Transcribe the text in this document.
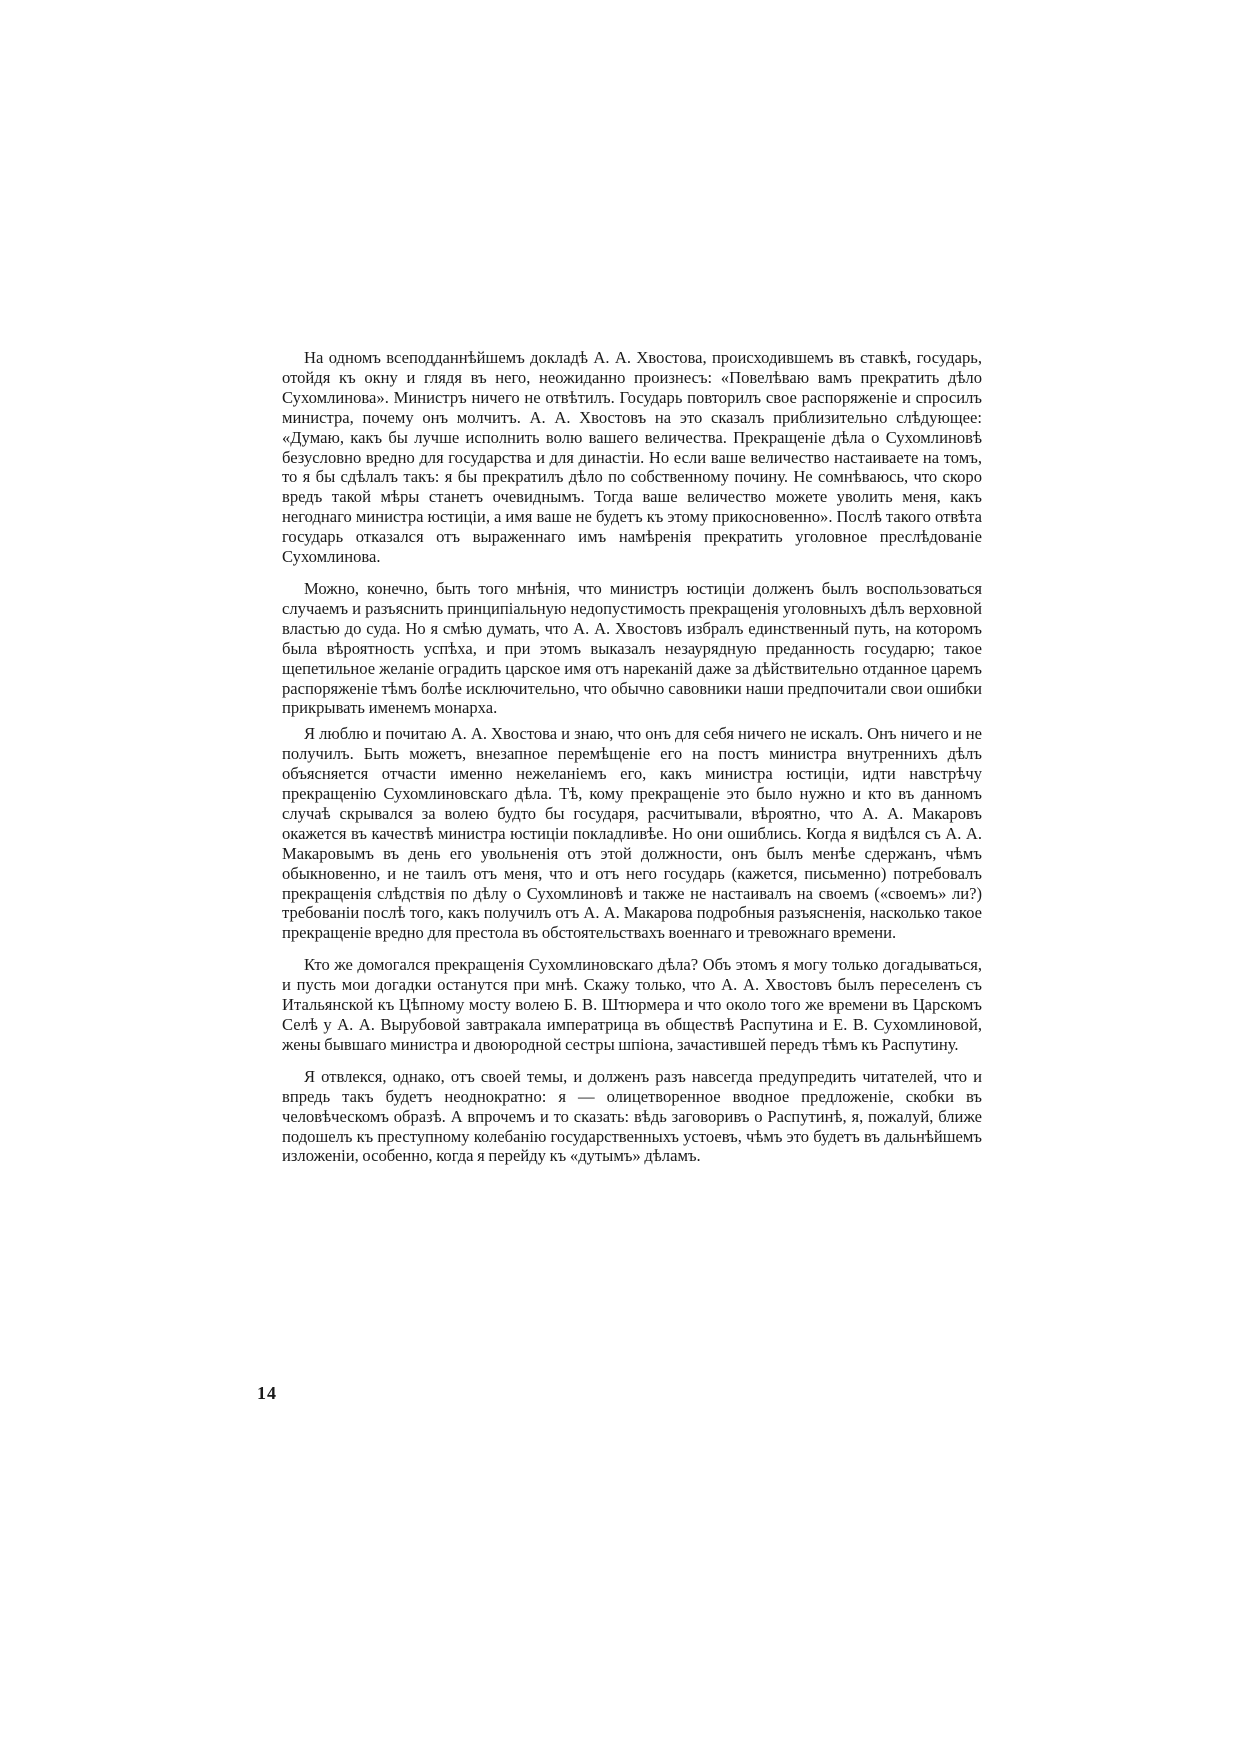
На одномъ всеподданнѣйшемъ докладѣ А. А. Хвостова, происходившемъ въ ставкѣ, государь, отойдя къ окну и глядя въ него, неожиданно произнесъ: «Повелѣваю вамъ прекратить дѣло Сухомлинова». Министръ ничего не отвѣтилъ. Государь повторилъ свое распоряженіе и спросилъ министра, почему онъ молчитъ. А. А. Хвостовъ на это сказалъ приблизительно слѣдующее: «Думаю, какъ бы лучше исполнить волю вашего величества. Прекращеніе дѣла о Сухомлиновѣ безусловно вредно для государства и для династіи. Но если ваше величество настаиваете на томъ, то я бы сдѣлалъ такъ: я бы прекратилъ дѣло по собственному почину. Не сомнѣваюсь, что скоро вредъ такой мѣры станетъ очевиднымъ. Тогда ваше величество можете уволить меня, какъ негоднаго министра юстиціи, а имя ваше не будетъ къ этому прикосновенно». Послѣ такого отвѣта государь отказался отъ выраженнаго имъ намѣренія прекратить уголовное преслѣдованіе Сухомлинова.

Можно, конечно, быть того мнѣнія, что министръ юстиціи долженъ былъ воспользоваться случаемъ и разъяснить принципіальную недопустимость прекращенія уголовныхъ дѣлъ верховной властью до суда. Но я смѣю думать, что А. А. Хвостовъ избралъ единственный путь, на которомъ была вѣроятность успѣха, и при этомъ выказалъ незаурядную преданность государю; такое щепетильное желаніе оградить царское имя отъ нареканій даже за дѣйствительно отданное царемъ распоряженіе тѣмъ болѣе исключительно, что обычно савовники наши предпочитали свои ошибки прикрывать именемъ монарха.

Я люблю и почитаю А. А. Хвостова и знаю, что онъ для себя ничего не искалъ. Онъ ничего и не получилъ. Быть можетъ, внезапное перемѣщеніе его на постъ министра внутреннихъ дѣлъ объясняется отчасти именно нежеланіемъ его, какъ министра юстиціи, идти навстрѣчу прекращенію Сухомлиновскаго дѣла. Тѣ, кому прекращеніе это было нужно и кто въ данномъ случаѣ скрывался за волею будто бы государя, расчитывали, вѣроятно, что А. А. Макаровъ окажется въ качествѣ министра юстиціи покладливѣе. Но они ошиблись. Когда я видѣлся съ А. А. Макаровымъ въ день его увольненія отъ этой должности, онъ былъ менѣе сдержанъ, чѣмъ обыкновенно, и не таилъ отъ меня, что и отъ него государь (кажется, письменно) потребовалъ прекращенія слѣдствія по дѣлу о Сухомлиновѣ и также не настаивалъ на своемъ («своемъ» ли?) требованіи послѣ того, какъ получилъ отъ А. А. Макарова подробныя разъясненія, насколько такое прекращеніе вредно для престола въ обстоятельствахъ военнаго и тревожнаго времени.

Кто же домогался прекращенія Сухомлиновскаго дѣла? Объ этомъ я могу только догадываться, и пусть мои догадки останутся при мнѣ. Скажу только, что А. А. Хвостовъ былъ переселенъ съ Итальянской къ Цѣпному мосту волею Б. В. Штюрмера и что около того же времени въ Царскомъ Селѣ у А. А. Вырубовой завтракала императрица въ обществѣ Распутина и Е. В. Сухомлиновой, жены бывшаго министра и двоюродной сестры шпіона, зачастившей передъ тѣмъ къ Распутину.

Я отвлекся, однако, отъ своей темы, и долженъ разъ навсегда предупредить читателей, что и впредь такъ будетъ неоднократно: я — олицетворенное вводное предложеніе, скобки въ человѣческомъ образѣ. А впрочемъ и то сказать: вѣдь заговоривъ о Распутинѣ, я, пожалуй, ближе подошелъ къ преступному колебанію государственныхъ устоевъ, чѣмъ это будетъ въ дальнѣйшемъ изложеніи, особенно, когда я перейду къ «дутымъ» дѣламъ.

14
